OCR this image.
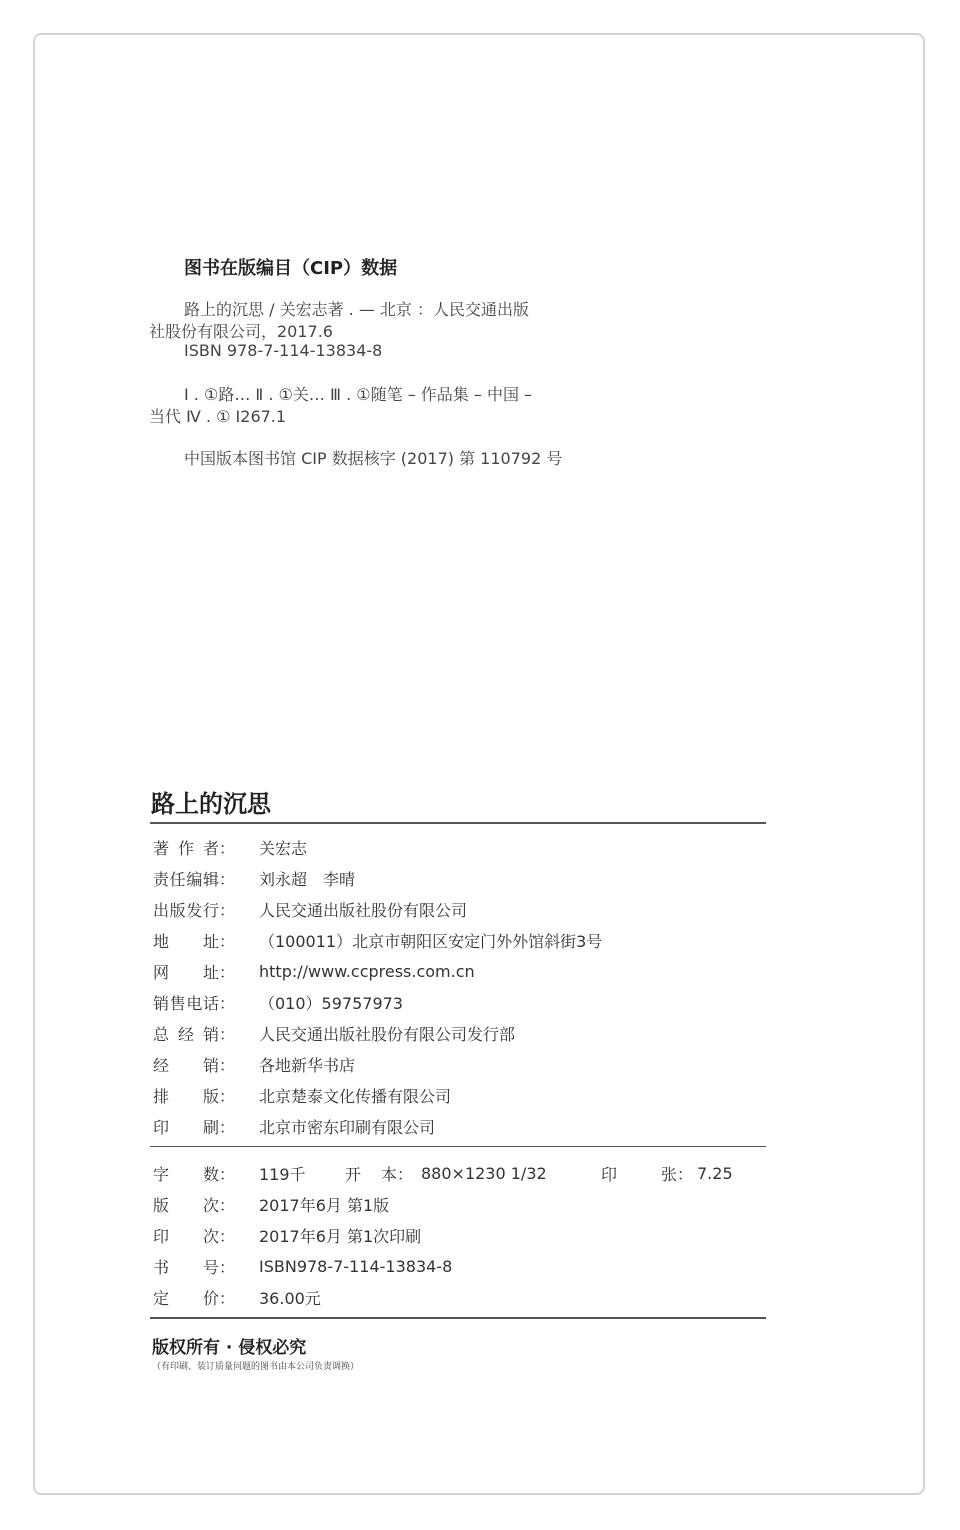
图书在版编目（CIP）数据
路上的沉思 / 关宏志著 . — 北京 ：人民交通出版
社股份有限公司，2017.6
ISBN 978-7-114-13834-8
Ⅰ . ①路… Ⅱ . ①关… Ⅲ . ①随笔 – 作品集 – 中国 –
当代 Ⅳ . ① I267.1
中国版本图书馆 CIP 数据核字 (2017) 第 110792 号
路上的沉思
著作者 ：	关宏志
责任编辑 ：	刘永超　李晴
出版发行 ：	人民交通出版社股份有限公司
地址 ：	（100011）北京市朝阳区安定门外外馆斜街3号
网址 ：	http://www.ccpress.com.cn
销售电话 ：	（010）59757973
总经销 ：	人民交通出版社股份有限公司发行部
经销 ：	各地新华书店
排版 ：	北京楚泰文化传播有限公司
印刷 ：	北京市密东印刷有限公司
字数 ：	119千	开本 ： 880×1230 1/32	印张 ： 7.25
版次 ：	2017年6月 第1版
印次 ：	2017年6月 第1次印刷
书号 ：	ISBN978-7-114-13834-8
定价 ：	36.00元
版权所有 · 侵权必究
（有印刷、装订质量问题的图书由本公司负责调换）
